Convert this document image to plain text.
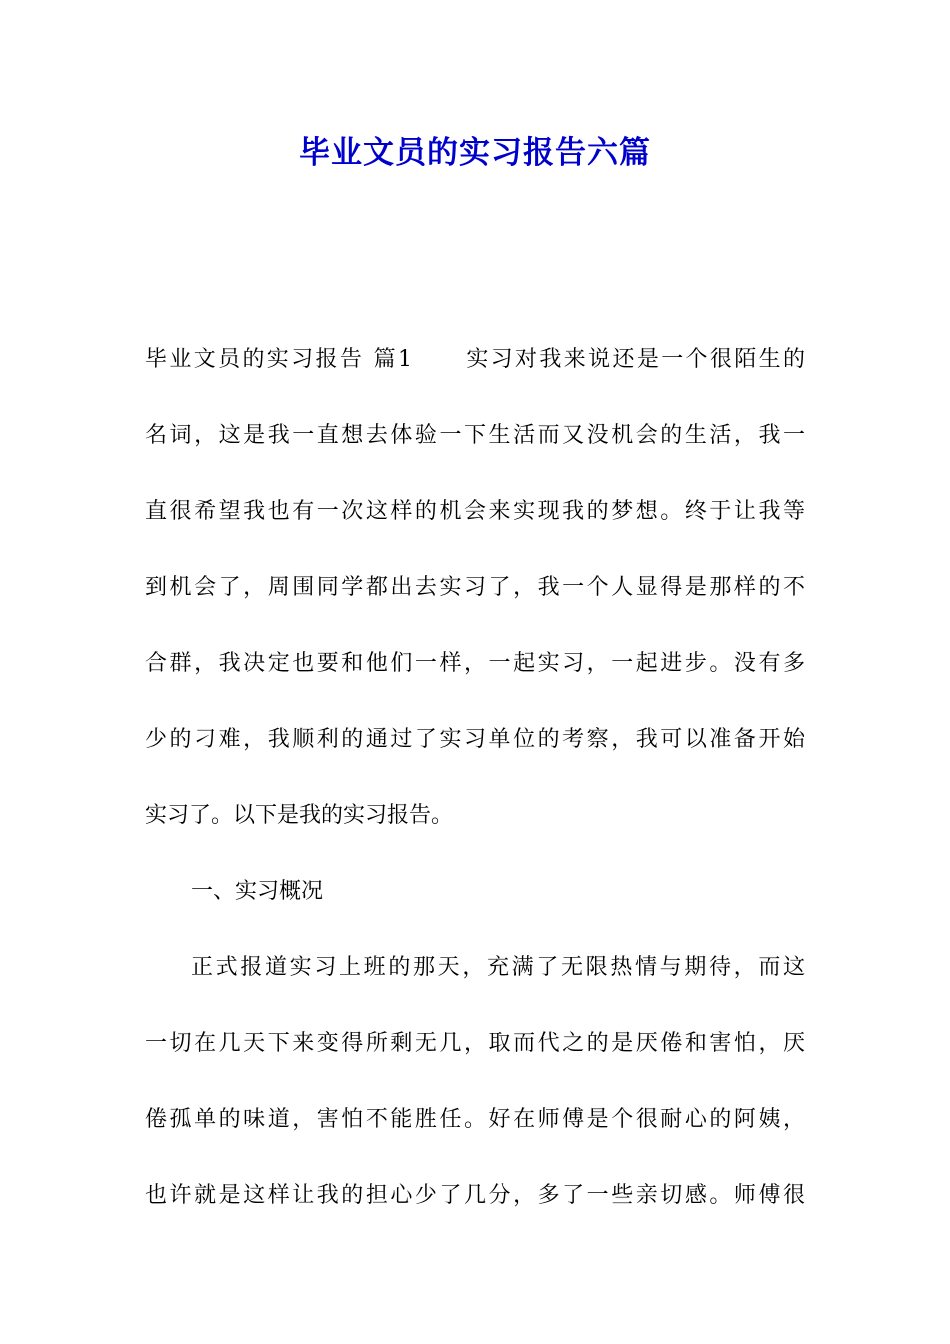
毕业文员的实习报告六篇
毕业文员的实习报告 篇1 实习对我来说还是一个很陌生的
名词，这是我一直想去体验一下生活而又没机会的生活，我一
直很希望我也有一次这样的机会来实现我的梦想。终于让我等
到机会了，周围同学都出去实习了，我一个人显得是那样的不
合群，我决定也要和他们一样，一起实习，一起进步。没有多
少的刁难，我顺利的通过了实习单位的考察，我可以准备开始
实习了。以下是我的实习报告。
一、实习概况
正式报道实习上班的那天，充满了无限热情与期待，而这
一切在几天下来变得所剩无几，取而代之的是厌倦和害怕，厌
倦孤单的味道，害怕不能胜任。好在师傅是个很耐心的阿姨，
也许就是这样让我的担心少了几分，多了一些亲切感。师傅很
